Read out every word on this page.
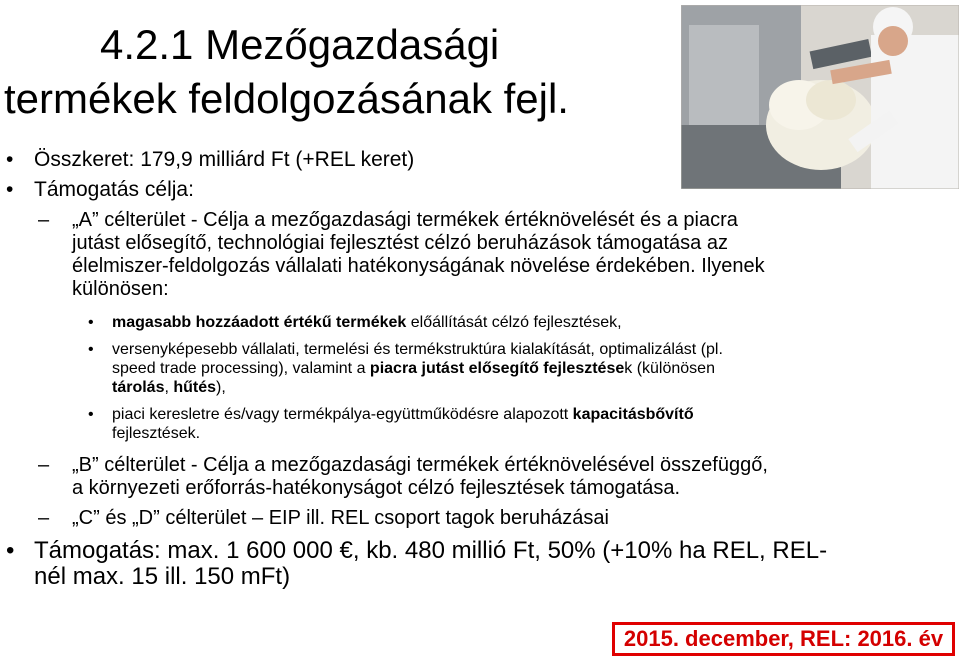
4.2.1 Mezőgazdasági
termékek feldolgozásának fejl.
• Összkeret: 179,9 milliárd Ft (+REL keret)
• Támogatás célja:
– „A” célterület - Célja a mezőgazdasági termékek értéknövelését és a piacra
jutást elősegítő, technológiai fejlesztést célzó beruházások támogatása az
élelmiszer-feldolgozás vállalati hatékonyságának növelése érdekében. Ilyenek
különösen:
• magasabb hozzáadott értékű termékek előállítását célzó fejlesztések,
• versenyképesebb vállalati, termelési és termékstruktúra kialakítását, optimalizálást (pl.
speed trade processing), valamint a piacra jutást elősegítő fejlesztések (különösen
tárolás, hűtés),
• piaci keresletre és/vagy termékpálya-együttműködésre alapozott kapacitásbővítő
fejlesztések.
– „B” célterület - Célja a mezőgazdasági termékek értéknövelésével összefüggő,
a környezeti erőforrás-hatékonyságot célzó fejlesztések támogatása.
– „C” és „D” célterület – EIP ill. REL csoport tagok beruházásai
• Támogatás: max. 1 600 000 €, kb. 480 millió Ft, 50% (+10% ha REL, REL-
nél max. 15 ill. 150 mFt)
2015. december, REL: 2016. év
